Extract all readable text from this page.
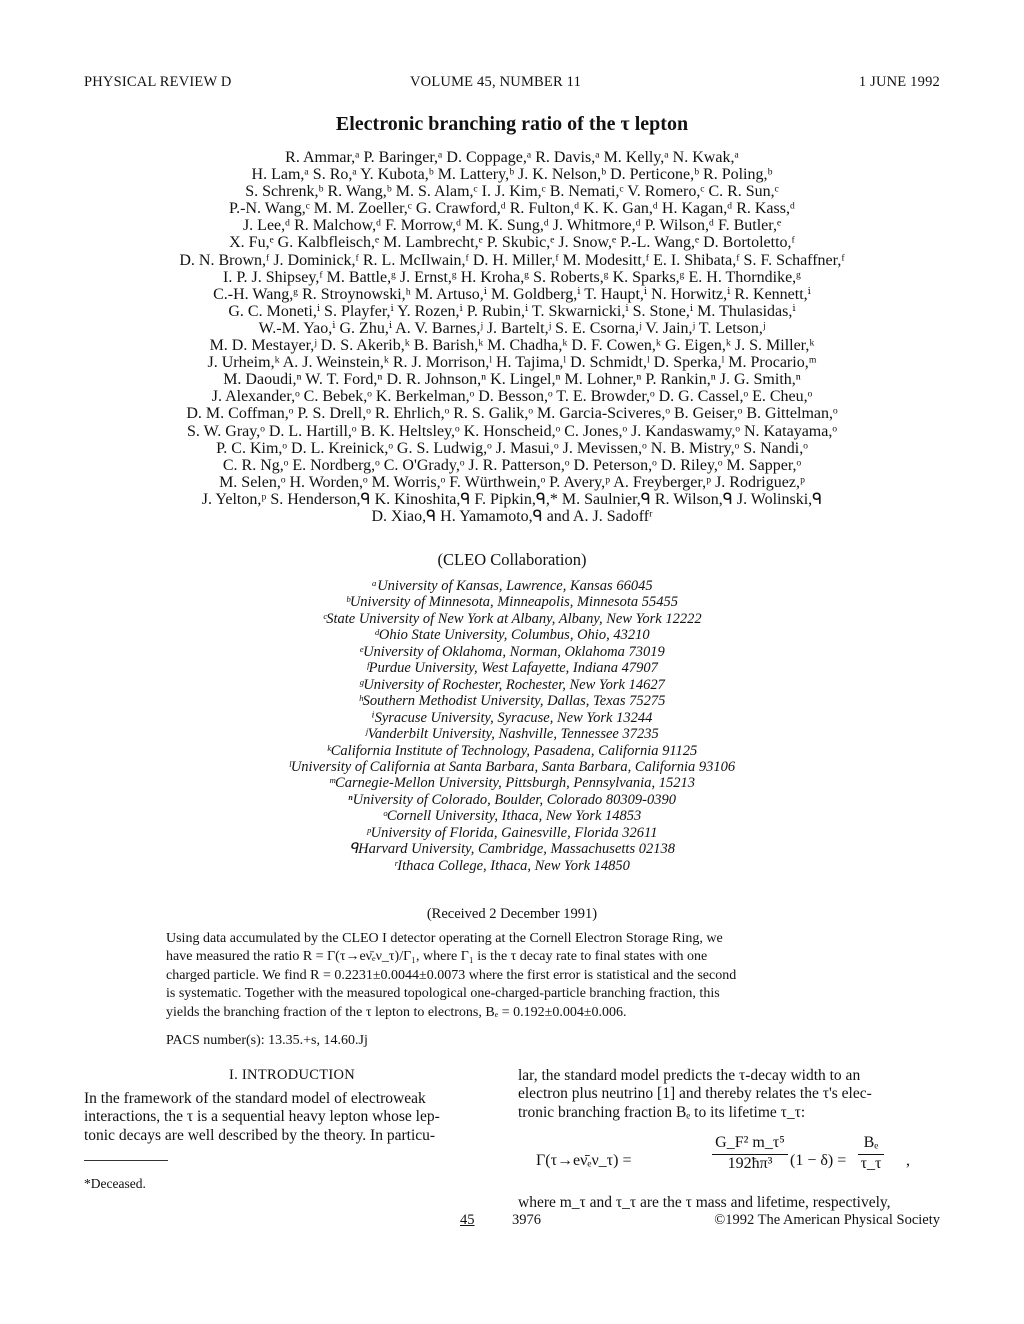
PHYSICAL REVIEW D	VOLUME 45, NUMBER 11	1 JUNE 1992
Electronic branching ratio of the τ lepton
R. Ammar,ᵃ P. Baringer,ᵃ D. Coppage,ᵃ R. Davis,ᵃ M. Kelly,ᵃ N. Kwak,ᵃ
H. Lam,ᵃ S. Ro,ᵃ Y. Kubota,ᵇ M. Lattery,ᵇ J. K. Nelson,ᵇ D. Perticone,ᵇ R. Poling,ᵇ
S. Schrenk,ᵇ R. Wang,ᵇ M. S. Alam,ᶜ I. J. Kim,ᶜ B. Nemati,ᶜ V. Romero,ᶜ C. R. Sun,ᶜ
P.-N. Wang,ᶜ M. M. Zoeller,ᶜ G. Crawford,ᵈ R. Fulton,ᵈ K. K. Gan,ᵈ H. Kagan,ᵈ R. Kass,ᵈ
J. Lee,ᵈ R. Malchow,ᵈ F. Morrow,ᵈ M. K. Sung,ᵈ J. Whitmore,ᵈ P. Wilson,ᵈ F. Butler,ᵉ
X. Fu,ᵉ G. Kalbfleisch,ᵉ M. Lambrecht,ᵉ P. Skubic,ᵉ J. Snow,ᵉ P.-L. Wang,ᵉ D. Bortoletto,ᶠ
D. N. Brown,ᶠ J. Dominick,ᶠ R. L. McIlwain,ᶠ D. H. Miller,ᶠ M. Modesitt,ᶠ E. I. Shibata,ᶠ S. F. Schaffner,ᶠ
I. P. J. Shipsey,ᶠ M. Battle,ᵍ J. Ernst,ᵍ H. Kroha,ᵍ S. Roberts,ᵍ K. Sparks,ᵍ E. H. Thorndike,ᵍ
C.-H. Wang,ᵍ R. Stroynowski,ʰ M. Artuso,ⁱ M. Goldberg,ⁱ T. Haupt,ⁱ N. Horwitz,ⁱ R. Kennett,ⁱ
G. C. Moneti,ⁱ S. Playfer,ⁱ Y. Rozen,ⁱ P. Rubin,ⁱ T. Skwarnicki,ⁱ S. Stone,ⁱ M. Thulasidas,ⁱ
W.-M. Yao,ⁱ G. Zhu,ⁱ A. V. Barnes,ʲ J. Bartelt,ʲ S. E. Csorna,ʲ V. Jain,ʲ T. Letson,ʲ
M. D. Mestayer,ʲ D. S. Akerib,ᵏ B. Barish,ᵏ M. Chadha,ᵏ D. F. Cowen,ᵏ G. Eigen,ᵏ J. S. Miller,ᵏ
J. Urheim,ᵏ A. J. Weinstein,ᵏ R. J. Morrison,ˡ H. Tajima,ˡ D. Schmidt,ˡ D. Sperka,ˡ M. Procario,ᵐ
M. Daoudi,ⁿ W. T. Ford,ⁿ D. R. Johnson,ⁿ K. Lingel,ⁿ M. Lohner,ⁿ P. Rankin,ⁿ J. G. Smith,ⁿ
J. Alexander,ᵒ C. Bebek,ᵒ K. Berkelman,ᵒ D. Besson,ᵒ T. E. Browder,ᵒ D. G. Cassel,ᵒ E. Cheu,ᵒ
D. M. Coffman,ᵒ P. S. Drell,ᵒ R. Ehrlich,ᵒ R. S. Galik,ᵒ M. Garcia-Sciveres,ᵒ B. Geiser,ᵒ B. Gittelman,ᵒ
S. W. Gray,ᵒ D. L. Hartill,ᵒ B. K. Heltsley,ᵒ K. Honscheid,ᵒ C. Jones,ᵒ J. Kandaswamy,ᵒ N. Katayama,ᵒ
P. C. Kim,ᵒ D. L. Kreinick,ᵒ G. S. Ludwig,ᵒ J. Masui,ᵒ J. Mevissen,ᵒ N. B. Mistry,ᵒ S. Nandi,ᵒ
C. R. Ng,ᵒ E. Nordberg,ᵒ C. O'Grady,ᵒ J. R. Patterson,ᵒ D. Peterson,ᵒ D. Riley,ᵒ M. Sapper,ᵒ
M. Selen,ᵒ H. Worden,ᵒ M. Worris,ᵒ F. Würthwein,ᵒ P. Avery,ᵖ A. Freyberger,ᵖ J. Rodriguez,ᵖ
J. Yelton,ᵖ S. Henderson,ᑫ K. Kinoshita,ᑫ F. Pipkin,ᑫ,* M. Saulnier,ᑫ R. Wilson,ᑫ J. Wolinski,ᑫ
D. Xiao,ᑫ H. Yamamoto,ᑫ and A. J. Sadoffʳ
(CLEO Collaboration)
ᵃUniversity of Kansas, Lawrence, Kansas 66045
ᵇUniversity of Minnesota, Minneapolis, Minnesota 55455
ᶜState University of New York at Albany, Albany, New York 12222
ᵈOhio State University, Columbus, Ohio, 43210
ᵉUniversity of Oklahoma, Norman, Oklahoma 73019
ᶠPurdue University, West Lafayette, Indiana 47907
ᵍUniversity of Rochester, Rochester, New York 14627
ʰSouthern Methodist University, Dallas, Texas 75275
ⁱSyracuse University, Syracuse, New York 13244
ʲVanderbilt University, Nashville, Tennessee 37235
ᵏCalifornia Institute of Technology, Pasadena, California 91125
ˡUniversity of California at Santa Barbara, Santa Barbara, California 93106
ᵐCarnegie-Mellon University, Pittsburgh, Pennsylvania, 15213
ⁿUniversity of Colorado, Boulder, Colorado 80309-0390
ᵒCornell University, Ithaca, New York 14853
ᵖUniversity of Florida, Gainesville, Florida 32611
ᑫHarvard University, Cambridge, Massachusetts 02138
ʳIthaca College, Ithaca, New York 14850
(Received 2 December 1991)
Using data accumulated by the CLEO I detector operating at the Cornell Electron Storage Ring, we
have measured the ratio R = Γ(τ→eν̄ₑν_τ)/Γ₁, where Γ₁ is the τ decay rate to final states with one
charged particle. We find R = 0.2231±0.0044±0.0073 where the first error is statistical and the second
is systematic. Together with the measured topological one-charged-particle branching fraction, this
yields the branching fraction of the τ lepton to electrons, Bₑ = 0.192±0.004±0.006.
PACS number(s): 13.35.+s, 14.60.Jj
I. INTRODUCTION
In the framework of the standard model of electroweak
interactions, the τ is a sequential heavy lepton whose lep-
tonic decays are well described by the theory. In particu-
*Deceased.
lar, the standard model predicts the τ-decay width to an
electron plus neutrino [1] and thereby relates the τ's elec-
tronic branching fraction Bₑ to its lifetime τ_τ:
Γ(τ→eν̄ₑν_τ) =	$\frac{\text{G\_F² m\_τ⁵}}{\text{192ħπ³}} (1 - \delta) = \frac{\text{Bₑ}}{\tau\_\tau}$ ,
where m_τ and τ_τ are the τ mass and lifetime, respectively,
45	3976	©1992 The American Physical Society
